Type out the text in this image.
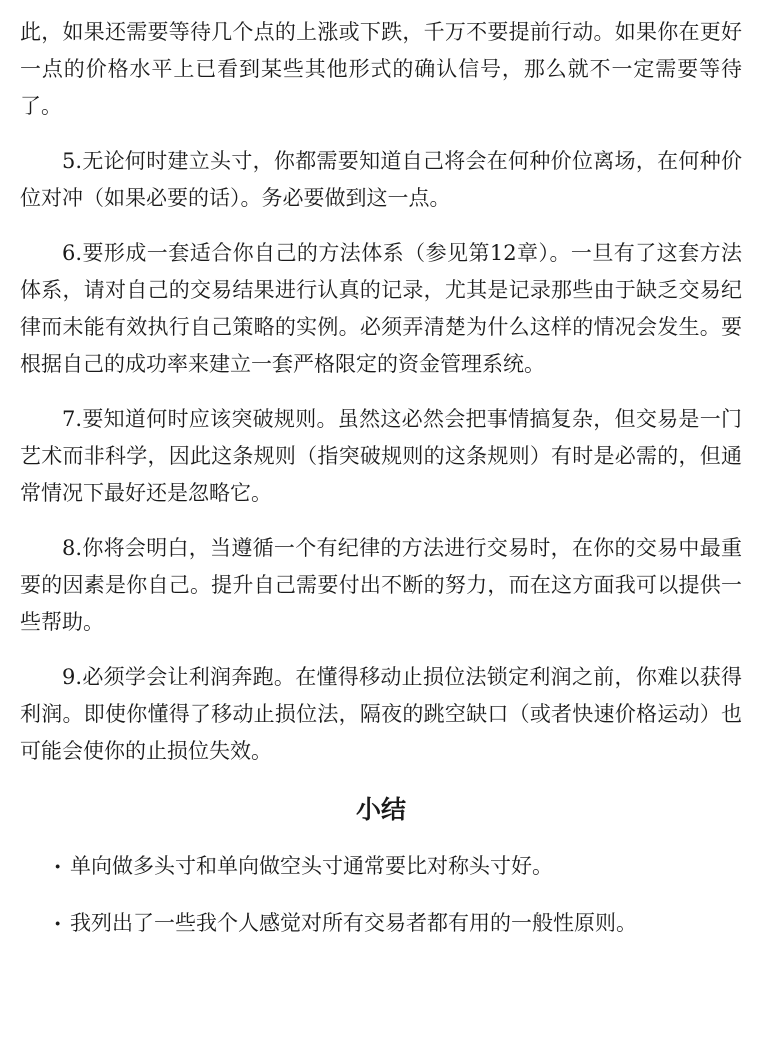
此，如果还需要等待几个点的上涨或下跌，千万不要提前行动。如果你在更好一点的价格水平上已看到某些其他形式的确认信号，那么就不一定需要等待了。

5.无论何时建立头寸，你都需要知道自己将会在何种价位离场，在何种价位对冲（如果必要的话）。务必要做到这一点。

6.要形成一套适合你自己的方法体系（参见第12章）。一旦有了这套方法体系，请对自己的交易结果进行认真的记录，尤其是记录那些由于缺乏交易纪律而未能有效执行自己策略的实例。必须弄清楚为什么这样的情况会发生。要根据自己的成功率来建立一套严格限定的资金管理系统。

7.要知道何时应该突破规则。虽然这必然会把事情搞复杂，但交易是一门艺术而非科学，因此这条规则（指突破规则的这条规则）有时是必需的，但通常情况下最好还是忽略它。

8.你将会明白，当遵循一个有纪律的方法进行交易时，在你的交易中最重要的因素是你自己。提升自己需要付出不断的努力，而在这方面我可以提供一些帮助。

9.必须学会让利润奔跑。在懂得移动止损位法锁定利润之前，你难以获得利润。即使你懂得了移动止损位法，隔夜的跳空缺口（或者快速价格运动）也可能会使你的止损位失效。

小结
单向做多头寸和单向做空头寸通常要比对称头寸好。
我列出了一些我个人感觉对所有交易者都有用的一般性原则。
